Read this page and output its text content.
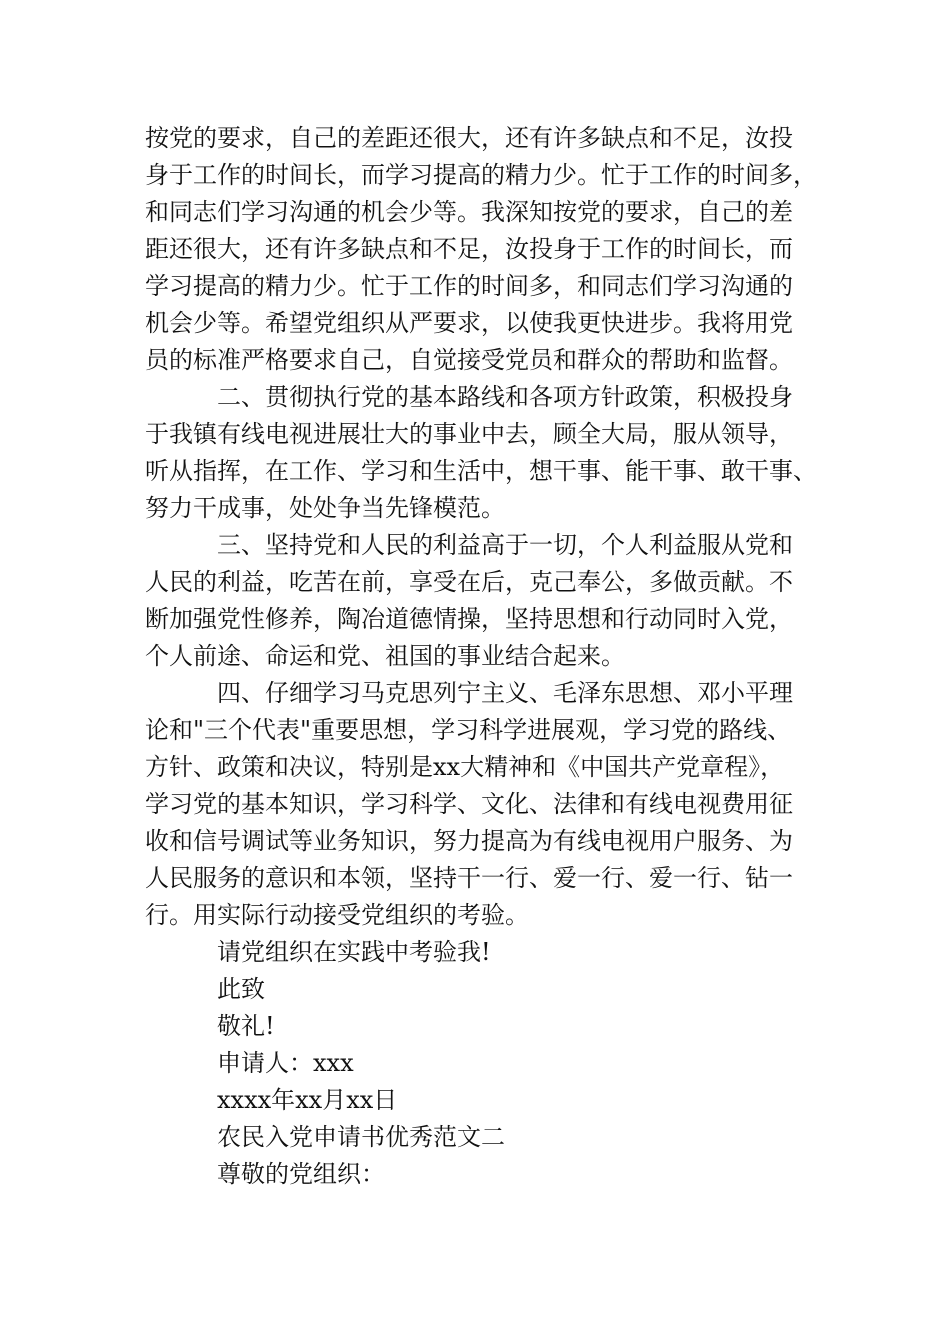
按党的要求，自己的差距还很大，还有许多缺点和不足，汝投
身于工作的时间长，而学习提高的精力少。忙于工作的时间多，
和同志们学习沟通的机会少等。我深知按党的要求，自己的差
距还很大，还有许多缺点和不足，汝投身于工作的时间长，而
学习提高的精力少。忙于工作的时间多，和同志们学习沟通的
机会少等。希望党组织从严要求，以使我更快进步。我将用党
员的标准严格要求自己，自觉接受党员和群众的帮助和监督。
二、贯彻执行党的基本路线和各项方针政策，积极投身
于我镇有线电视进展壮大的事业中去，顾全大局，服从领导，
听从指挥，在工作、学习和生活中，想干事、能干事、敢干事、
努力干成事，处处争当先锋模范。
三、坚持党和人民的利益高于一切，个人利益服从党和
人民的利益，吃苦在前，享受在后，克己奉公，多做贡献。不
断加强党性修养，陶冶道德情操，坚持思想和行动同时入党，
个人前途、命运和党、祖国的事业结合起来。
四、仔细学习马克思列宁主义、毛泽东思想、邓小平理
论和"三个代表"重要思想，学习科学进展观，学习党的路线、
方针、政策和决议，特别是xx大精神和《中国共产党章程》，
学习党的基本知识，学习科学、文化、法律和有线电视费用征
收和信号调试等业务知识，努力提高为有线电视用户服务、为
人民服务的意识和本领，坚持干一行、爱一行、爱一行、钻一
行。用实际行动接受党组织的考验。
请党组织在实践中考验我!
此致
敬礼!
申请人：xxx
xxxx年xx月xx日
农民入党申请书优秀范文二
尊敬的党组织：
